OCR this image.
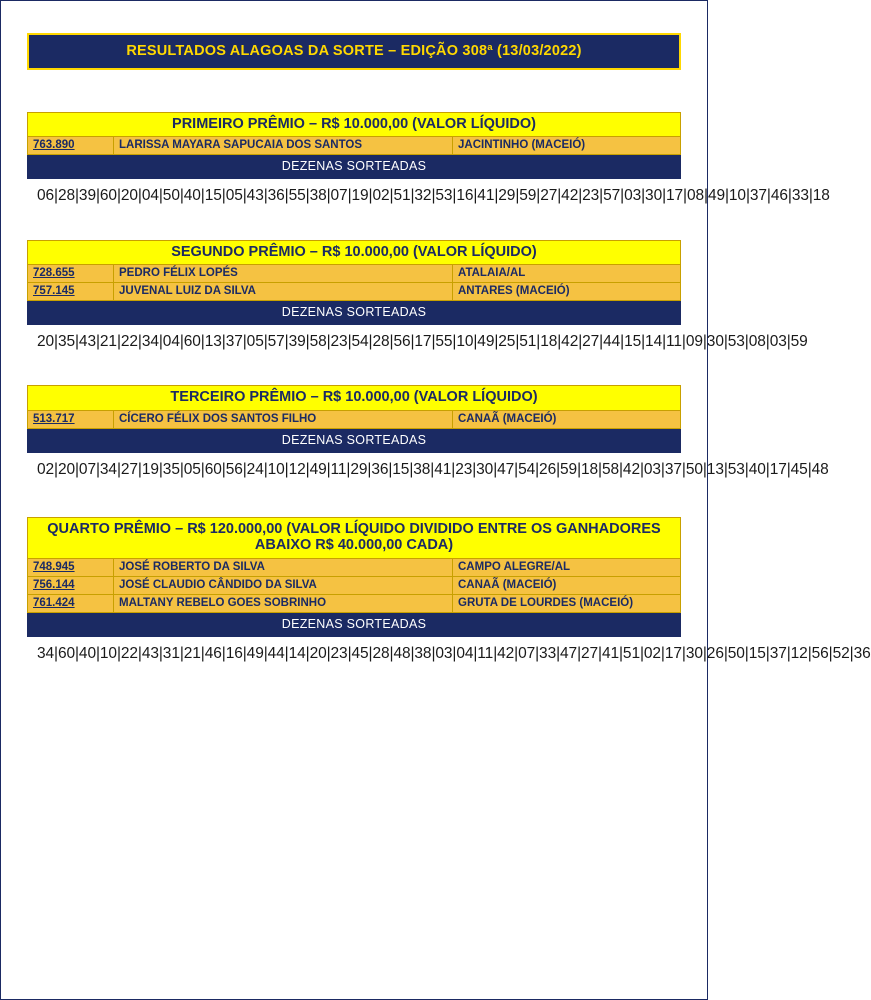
RESULTADOS ALAGOAS DA SORTE – EDIÇÃO 308ª (13/03/2022)
PRIMEIRO PRÊMIO – R$ 10.000,00 (VALOR LÍQUIDO)
763.890	LARISSA MAYARA SAPUCAIA DOS SANTOS	JACINTINHO (MACEIÓ)
DEZENAS SORTEADAS
06|28|39|60|20|04|50|40|15|05|43|36|55|38|07|19|02|51|32|53|16|41|29|59|27|42|23|57|03|30|17|08|49|10|37|46|33|18
SEGUNDO PRÊMIO – R$ 10.000,00 (VALOR LÍQUIDO)
728.655	PEDRO FÉLIX LOPÉS	ATALAIA/AL
757.145	JUVENAL LUIZ DA SILVA	ANTARES (MACEIÓ)
DEZENAS SORTEADAS
20|35|43|21|22|34|04|60|13|37|05|57|39|58|23|54|28|56|17|55|10|49|25|51|18|42|27|44|15|14|11|09|30|53|08|03|59
TERCEIRO PRÊMIO – R$ 10.000,00 (VALOR LÍQUIDO)
513.717	CÍCERO FÉLIX DOS SANTOS FILHO	CANAÃ (MACEIÓ)
DEZENAS SORTEADAS
02|20|07|34|27|19|35|05|60|56|24|10|12|49|11|29|36|15|38|41|23|30|47|54|26|59|18|58|42|03|37|50|13|53|40|17|45|48
QUARTO PRÊMIO – R$ 120.000,00 (VALOR LÍQUIDO DIVIDIDO ENTRE OS GANHADORES ABAIXO R$ 40.000,00 CADA)
748.945	JOSÉ ROBERTO DA SILVA	CAMPO ALEGRE/AL
756.144	JOSÉ CLAUDIO CÂNDIDO DA SILVA	CANAÃ (MACEIÓ)
761.424	MALTANY REBELO GOES SOBRINHO	GRUTA DE LOURDES (MACEIÓ)
DEZENAS SORTEADAS
34|60|40|10|22|43|31|21|46|16|49|44|14|20|23|45|28|48|38|03|04|11|42|07|33|47|27|41|51|02|17|30|26|50|15|37|12|56|52|36
